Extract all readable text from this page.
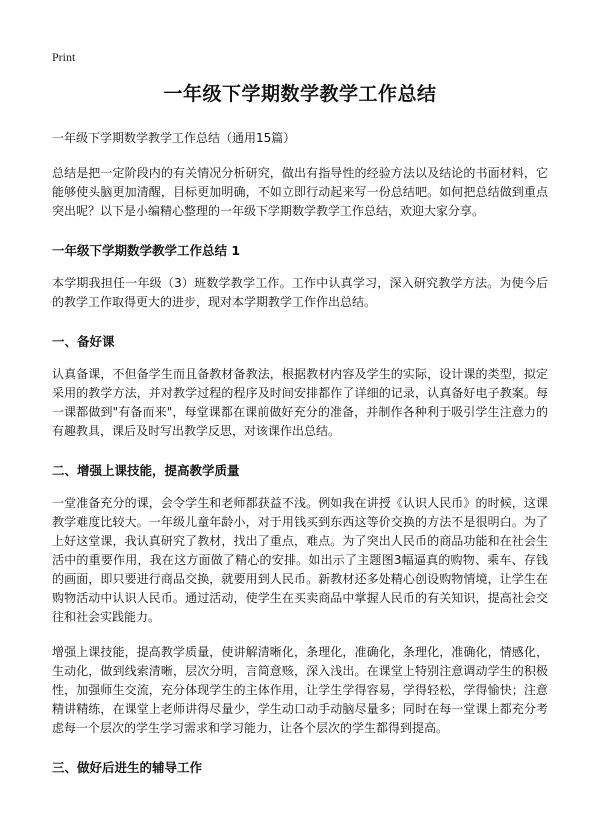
Print
一年级下学期数学教学工作总结

一年级下学期数学教学工作总结（通用15篇）

总结是把一定阶段内的有关情况分析研究，做出有指导性的经验方法以及结论的书面材料，它能够使头脑更加清醒，目标更加明确，不如立即行动起来写一份总结吧。如何把总结做到重点突出呢？以下是小编精心整理的一年级下学期数学教学工作总结，欢迎大家分享。

一年级下学期数学教学工作总结 1

本学期我担任一年级（3）班数学教学工作。工作中认真学习，深入研究教学方法。为使今后的教学工作取得更大的进步，现对本学期教学工作作出总结。

一、备好课

认真备课，不但备学生而且备教材备教法，根据教材内容及学生的实际，设计课的类型，拟定采用的教学方法，并对教学过程的程序及时间安排都作了详细的记录，认真备好电子教案。每一课都做到"有备而来"，每堂课都在课前做好充分的准备，并制作各种利于吸引学生注意力的有趣教具，课后及时写出教学反思，对该课作出总结。

二、增强上课技能，提高教学质量

一堂准备充分的课，会令学生和老师都获益不浅。例如我在讲授《认识人民币》的时候，这课教学难度比较大。一年级儿童年龄小，对于用钱买到东西这等价交换的方法不是很明白。为了上好这堂课，我认真研究了教材，找出了重点，难点。为了突出人民币的商品功能和在社会生活中的重要作用，我在这方面做了精心的安排。如出示了主题图3幅逼真的购物、乘车、存钱的画面，即只要进行商品交换，就要用到人民币。新教材还多处精心创设购物情境，让学生在购物活动中认识人民币。通过活动，使学生在买卖商品中掌握人民币的有关知识，提高社会交往和社会实践能力。

增强上课技能，提高教学质量，使讲解清晰化，条理化，准确化，条理化，准确化，情感化，生动化，做到线索清晰，层次分明，言简意赅，深入浅出。在课堂上特别注意调动学生的积极性，加强师生交流，充分体现学生的主体作用，让学生学得容易，学得轻松，学得愉快；注意精讲精练，在课堂上老师讲得尽量少，学生动口动手动脑尽量多；同时在每一堂课上都充分考虑每一个层次的学生学习需求和学习能力，让各个层次的学生都得到提高。

三、做好后进生的辅导工作
